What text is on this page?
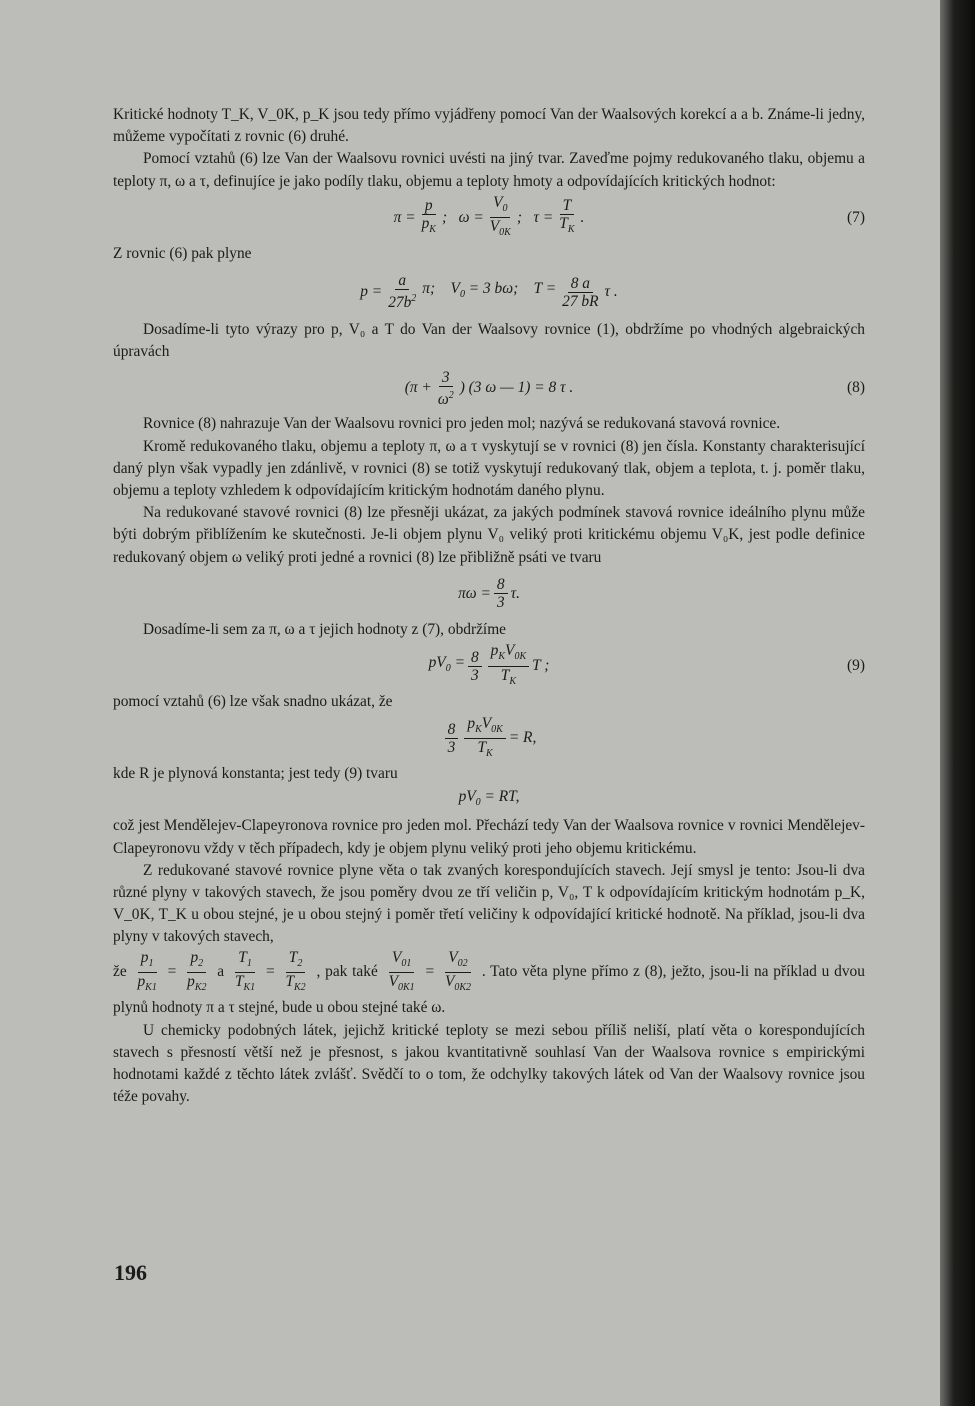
Kritické hodnoty T_K, V_0K, p_K jsou tedy přímo vyjádřeny pomocí Van der Waalsových korekcí a a b. Známe-li jedny, můžeme vypočítati z rovnic (6) druhé.

Pomocí vztahů (6) lze Van der Waalsovu rovnici uvésti na jiný tvar. Zaveďme pojmy redukovaného tlaku, objemu a teploty π, ω a τ, definujíce je jako podíly tlaku, objemu a teploty hmoty a odpovídajících kritických hodnot:

$\pi = \frac{p}{p_K}$ ;   $\omega = \frac{V_0}{V_{0K}}$ ;   $\tau = \frac{T}{T_K}$ .	(7)

Z rovnic (6) pak plyne

$p = \frac{a}{27b^2} \pi$;    $V_0 = 3$ bω;    $T = \frac{8 a}{27 bR}$ τ .

Dosadíme-li tyto výrazy pro p, V₀ a T do Van der Waalsovy rovnice (1), obdržíme po vhodných algebraických úpravách

($\pi + \frac{3}{\omega^2}$ ) (3 ω — 1) = 8 τ .	(8)

Rovnice (8) nahrazuje Van der Waalsovu rovnici pro jeden mol; nazývá se redukovaná stavová rovnice.

Kromě redukovaného tlaku, objemu a teploty π, ω a τ vyskytují se v rovnici (8) jen čísla. Konstanty charakterisující daný plyn však vypadly jen zdánlivě, v rovnici (8) se totiž vyskytují redukovaný tlak, objem a teplota, t. j. poměr tlaku, objemu a teploty vzhledem k odpovídajícím kritickým hodnotám daného plynu.

Na redukované stavové rovnici (8) lze přesněji ukázat, za jakých podmínek stavová rovnice ideálního plynu může býti dobrým přiblížením ke skutečnosti. Je-li objem plynu V₀ veliký proti kritickému objemu V₀K, jest podle definice redukovaný objem ω veliký proti jedné a rovnici (8) lze přibližně psáti ve tvaru

$\pi\omega = \frac{8}{3} \tau$.

Dosadíme-li sem za π, ω a τ jejich hodnoty z (7), obdržíme

$pV_0 = \frac{8}{3} p_KV_{0K}$
$T_K$
T ;	(9)

pomocí vztahů (6) lze však snadno ukázat, že

8
3
$p_KV_{0K}$
$T_K$
= R,

kde R je plynová konstanta; jest tedy (9) tvaru

$pV_0$ = RT,

což jest Mendělejev-Clapeyronova rovnice pro jeden mol. Přechází tedy Van der Waalsova rovnice v rovnici Mendělejev-Clapeyronovu vždy v těch případech, kdy je objem plynu veliký proti jeho objemu kritickému.

Z redukované stavové rovnice plyne věta o tak zvaných korespondujících stavech. Její smysl je tento: Jsou-li dva různé plyny v takových stavech, že jsou poměry dvou ze tří veličin p, V₀, T k odpovídajícím kritickým hodnotám p_K, V_0K, T_K u obou stejné, je u obou stejný i poměr třetí veličiny k odpovídající kritické hodnotě. Na příklad, jsou-li dva plyny v takových stavech,

že $\frac{p_1}{p_{K1}} = \frac{p_2}{p_{K2}}$ a $\frac{T_1}{T_{K1}} = \frac{T_2}{T_{K2}}$ , pak také $\frac{V_{01}}{V_{0K1}} = \frac{V_{02}}{V_{0K2}}$ . Tato věta plyne přímo z (8), ježto, jsou-li na příklad u dvou plynů hodnoty π a τ stejné, bude u obou stejné také ω.

U chemicky podobných látek, jejichž kritické teploty se mezi sebou příliš neliší, platí věta o korespondujících stavech s přesností větší než je přesnost, s jakou kvantitativně souhlasí Van der Waalsova rovnice s empirickými hodnotami každé z těchto látek zvlášť. Svědčí to o tom, že odchylky takových látek od Van der Waalsovy rovnice jsou téže povahy.

196
